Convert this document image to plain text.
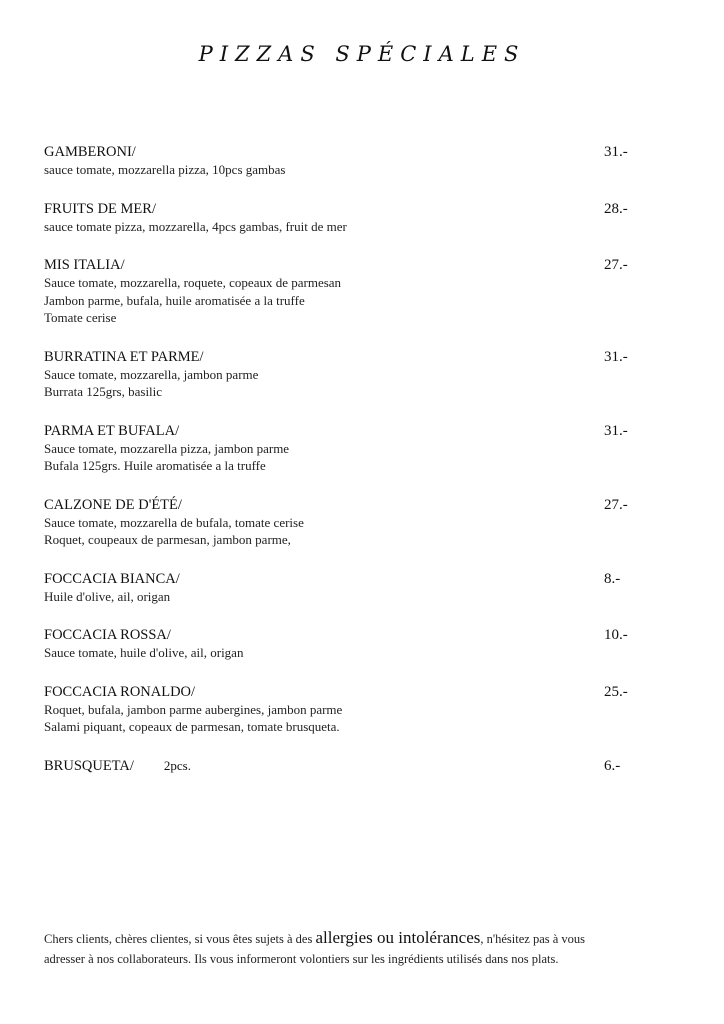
PIZZAS SPÉCIALES
GAMBERONI/	31.-
sauce tomate, mozzarella pizza, 10pcs gambas
FRUITS DE MER/	28.-
sauce tomate pizza, mozzarella, 4pcs gambas, fruit de mer
MIS ITALIA/	27.-
Sauce tomate, mozzarella, roquete, copeaux de parmesan
Jambon parme, bufala, huile aromatisée a la truffe
Tomate cerise
BURRATINA ET PARME/	31.-
Sauce tomate, mozzarella, jambon parme
Burrata 125grs, basilic
PARMA ET BUFALA/	31.-
Sauce tomate, mozzarella pizza, jambon parme
Bufala 125grs. Huile aromatisée a la truffe
CALZONE DE D'ÉTÉ/	27.-
Sauce tomate, mozzarella de bufala, tomate cerise
Roquet, coupeaux de parmesan, jambon parme,
FOCCACIA BIANCA/	8.-
Huile d'olive, ail, origan
FOCCACIA ROSSA/	10.-
Sauce tomate, huile d'olive, ail, origan
FOCCACIA RONALDO/	25.-
Roquet, bufala, jambon parme aubergines, jambon parme
Salami piquant, copeaux de parmesan, tomate brusqueta.
BRUSQUETA/ 2pcs.	6.-
Chers clients, chères clientes, si vous êtes sujets à des allergies ou intolérances, n'hésitez pas à vous
adresser à nos collaborateurs. Ils vous informeront volontiers sur les ingrédients utilisés dans nos plats.
